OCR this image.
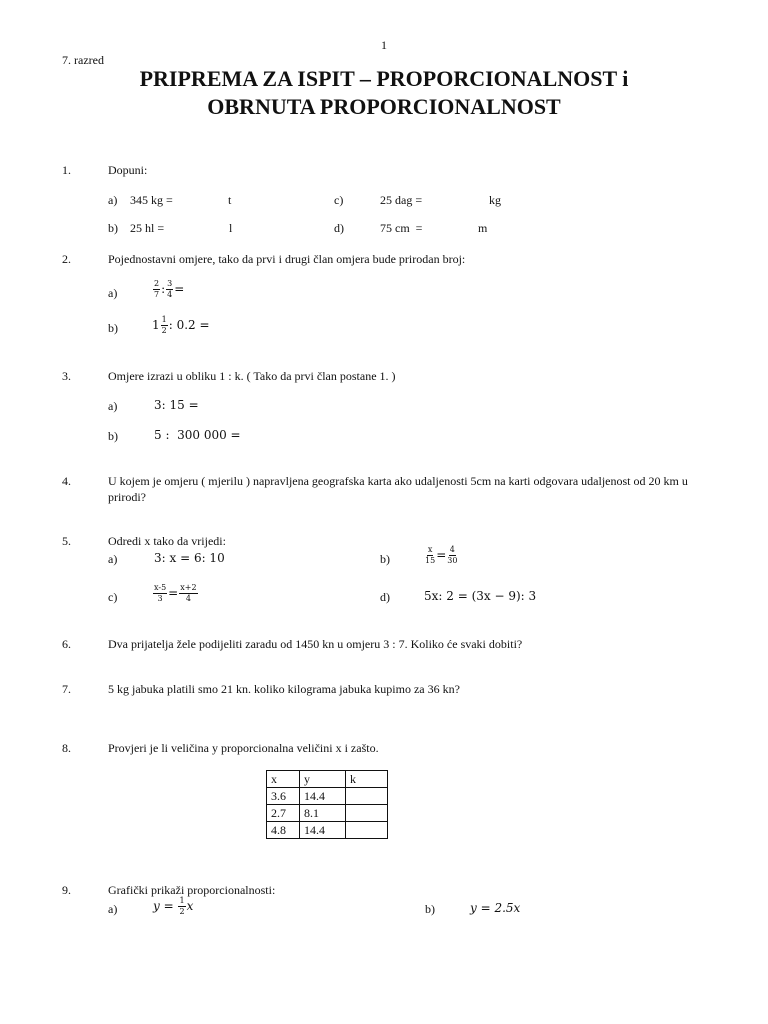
1
7. razred
PRIPREMA ZA ISPIT – PROPORCIONALNOST i
OBRNUTA PROPORCIONALNOST
1.	Dopuni:
a) 345 kg =	t	c)	25 dag =	kg
b) 25 hl =	l	d)	75 cm  =	m
2.	Pojednostavni omjere, tako da prvi i drugi član omjera bude prirodan broj:
a)	$\frac{2}{7}$ : $\frac{3}{4}$ =
b)	$1 \frac{1}{2}$ : 0.2 =
3.	Omjere izrazi u obliku 1 : k. ( Tako da prvi član postane 1. )
a)	3: 15 =
b)	5 :  300 000 =
4.	U kojem je omjeru ( mjerilu ) napravljena geografska karta ako udaljenosti 5cm na karti odgovara udaljenost od 20 km u prirodi?
5.	Odredi x tako da vrijedi:
a)	3: x = 6: 10	b)	$\frac{x}{15} = \frac{4}{30}$
c)	$\frac{x-5}{3} = \frac{x+2}{4}$	d)	5x: 2 = (3x − 9): 3
6.	Dva prijatelja žele podijeliti zaradu od 1450 kn u omjeru 3 : 7. Koliko će svaki dobiti?
7.	5 kg jabuka platili smo 21 kn. koliko kilograma jabuka kupimo za 36 kn?
8.	Provjeri je li veličina y proporcionalna veličini x i zašto.
x	y	k
3.6	14.4	
2.7	8.1	
4.8	14.4	
9.	Grafički prikaži proporcionalnosti:
a)	$y = \frac{1}{2}$ x	b)	y = 2.5x
